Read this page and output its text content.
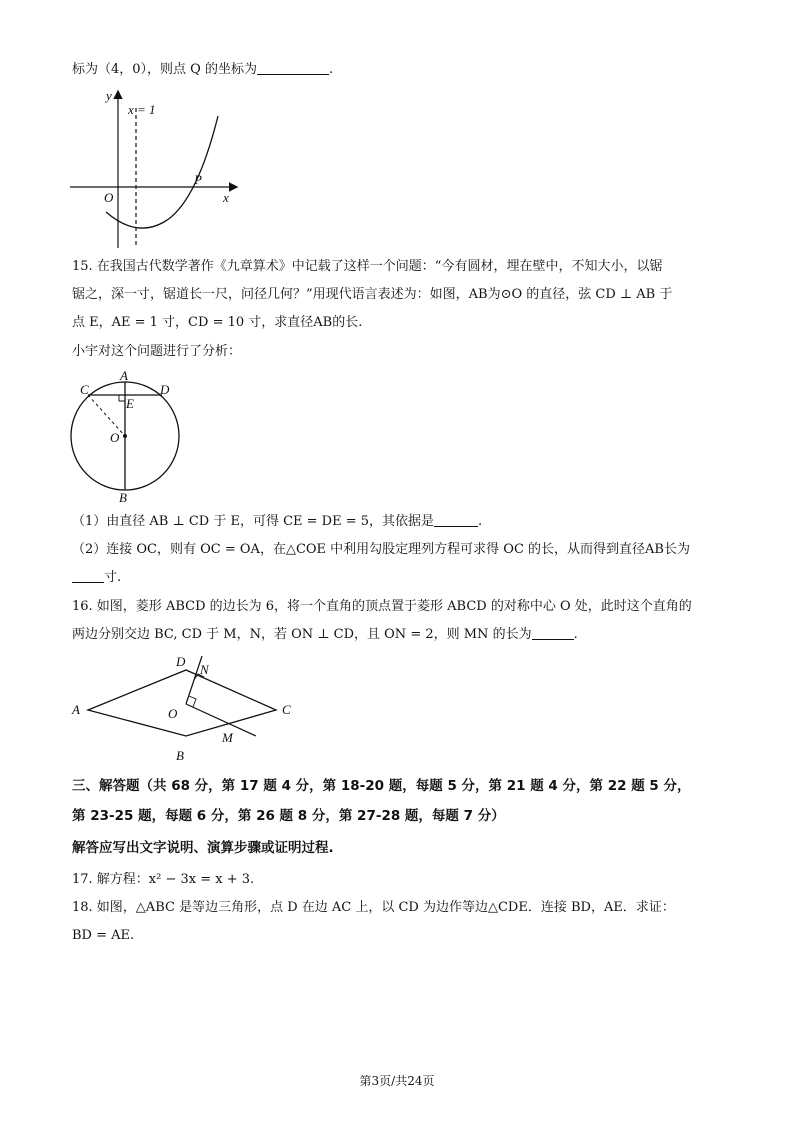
标为（4，0），则点 Q 的坐标为	.
y
x
O
P
x = 1
15. 在我国古代数学著作《九章算术》中记载了这样一个问题：“今有圆材，埋在壁中，不知大小，以锯
锯之，深一寸，锯道长一尺，问径几何？”用现代语言表述为：如图，AB为⊙O 的直径，弦 CD ⊥ AB 于
点 E，AE = 1 寸，CD = 10 寸，求直径AB的长.
小宇对这个问题进行了分析：
A
C	D
E
O
B
（1）由直径 AB ⊥ CD 于 E，可得 CE = DE = 5，其依据是	.
（2）连接 OC，则有 OC = OA，在△COE 中利用勾股定理列方程可求得 OC 的长，从而得到直径AB长为
寸.
16. 如图，菱形 ABCD 的边长为 6，将一个直角的顶点置于菱形 ABCD 的对称中心 O 处，此时这个直角的
两边分别交边 BC, CD 于 M，N，若 ON ⊥ CD，且 ON = 2，则 MN 的长为	.
A
D
N
O	C
M
B
三、解答题（共 68 分，第 17 题 4 分，第 18-20 题，每题 5 分，第 21 题 4 分，第 22 题 5 分，
第 23-25 题，每题 6 分，第 26 题 8 分，第 27-28 题，每题 7 分）
解答应写出文字说明、演算步骤或证明过程.
17. 解方程：x² − 3x = x + 3.
18. 如图，△ABC 是等边三角形，点 D 在边 AC 上，以 CD 为边作等边△CDE．连接 BD，AE．求证：
BD = AE.
第3页/共24页
